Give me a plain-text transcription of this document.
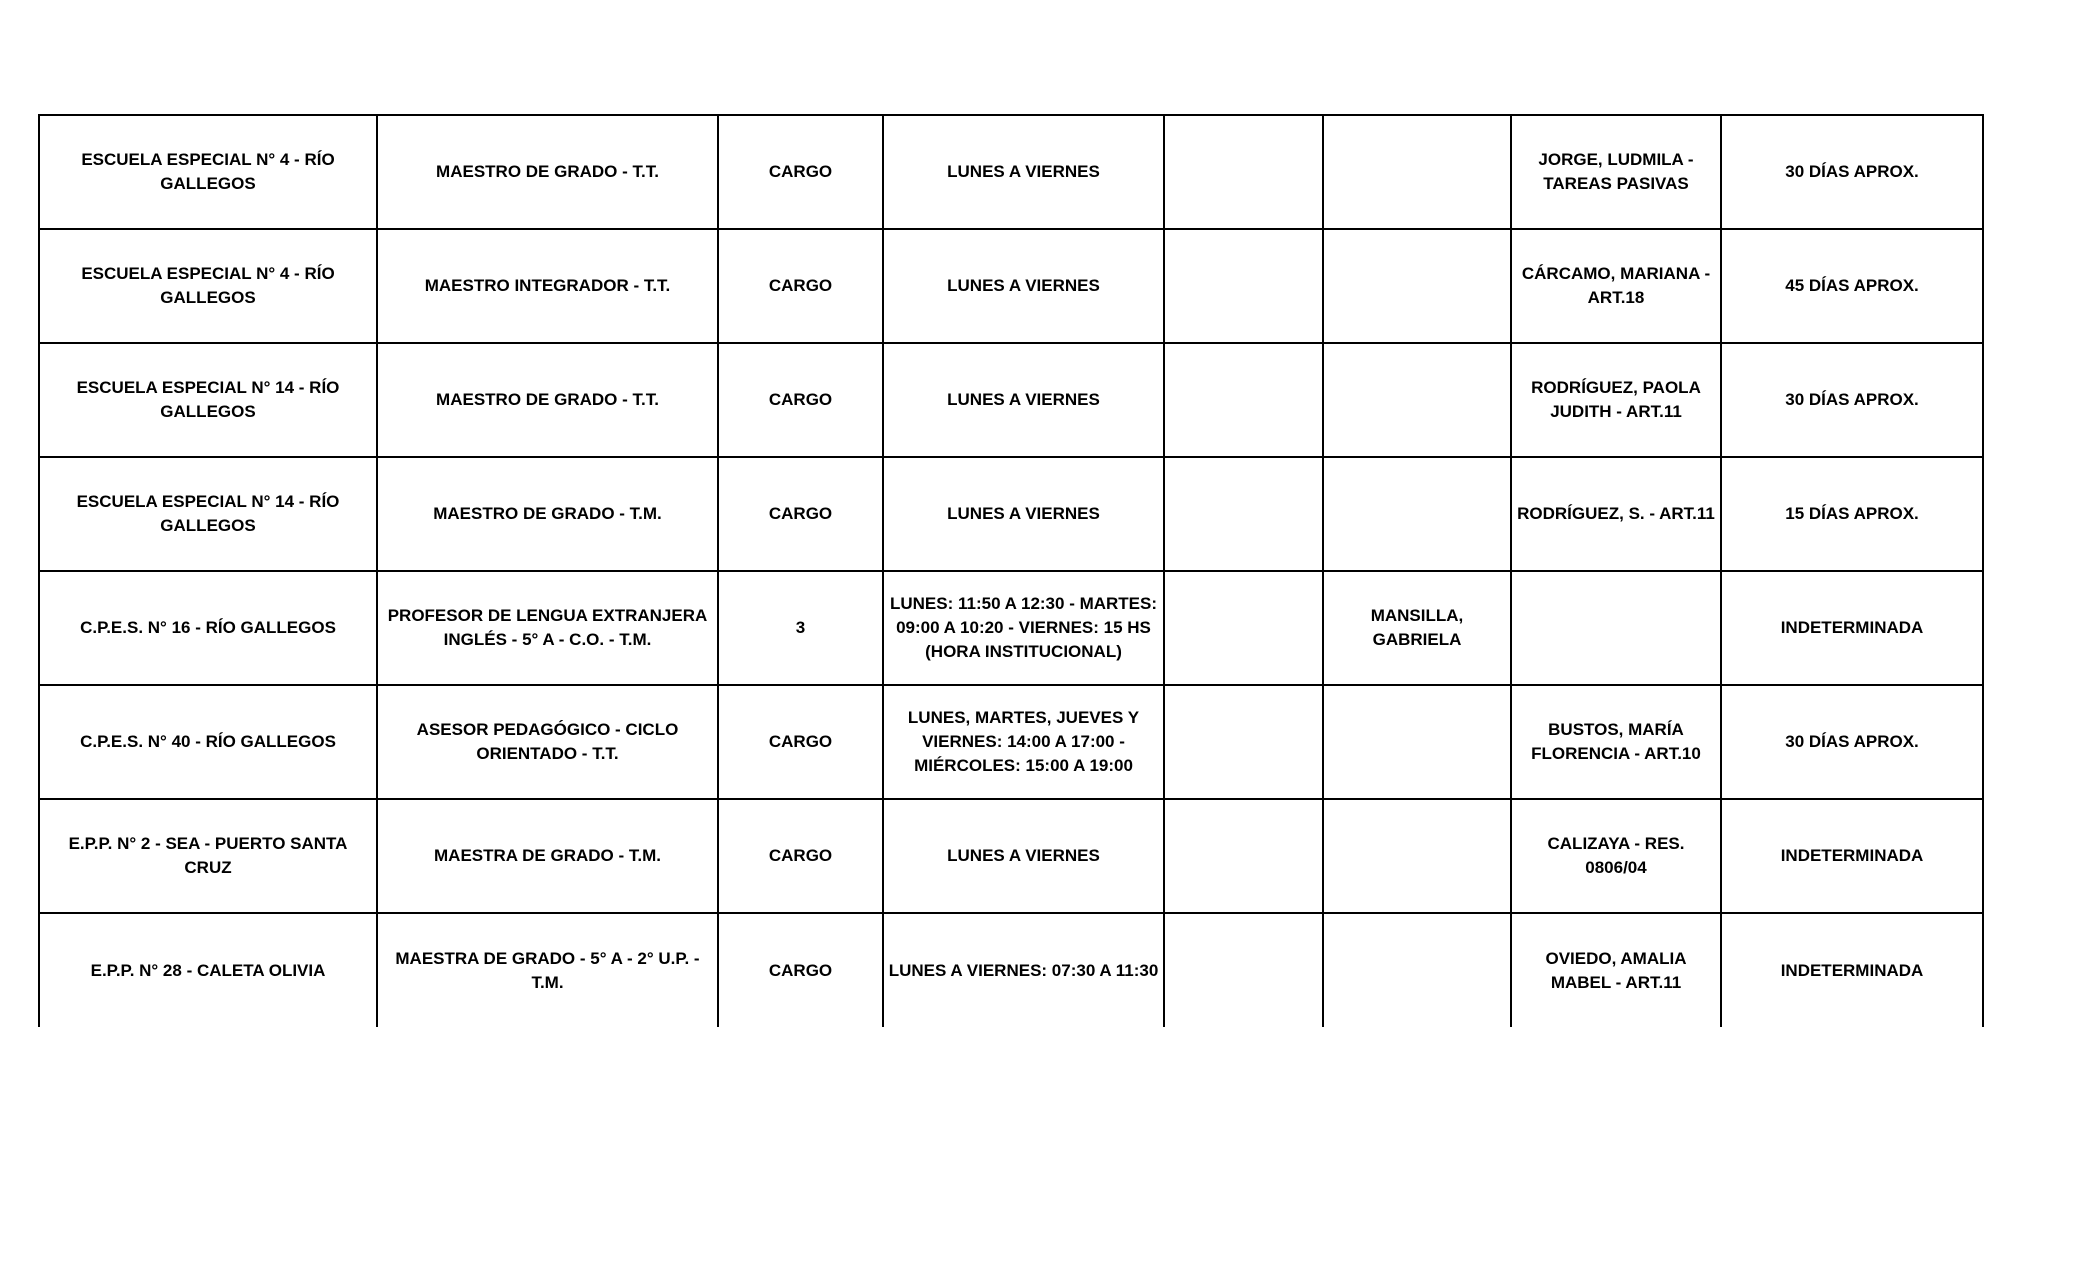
ESCUELA ESPECIAL N° 4 - RÍO GALLEGOS	MAESTRO DE GRADO - T.T.	CARGO	LUNES A VIERNES			JORGE, LUDMILA - TAREAS PASIVAS	30 DÍAS APROX.
ESCUELA ESPECIAL N° 4 - RÍO GALLEGOS	MAESTRO INTEGRADOR - T.T.	CARGO	LUNES A VIERNES			CÁRCAMO, MARIANA - ART.18	45 DÍAS APROX.
ESCUELA ESPECIAL N° 14 - RÍO GALLEGOS	MAESTRO DE GRADO - T.T.	CARGO	LUNES A VIERNES			RODRÍGUEZ, PAOLA JUDITH - ART.11	30 DÍAS APROX.
ESCUELA ESPECIAL N° 14 - RÍO GALLEGOS	MAESTRO DE GRADO - T.M.	CARGO	LUNES A VIERNES			RODRÍGUEZ, S. - ART.11	15 DÍAS APROX.
C.P.E.S. N° 16 - RÍO GALLEGOS	PROFESOR DE LENGUA EXTRANJERA INGLÉS - 5° A - C.O. - T.M.	3	LUNES: 11:50 A 12:30 - MARTES: 09:00 A 10:20 - VIERNES: 15 HS (HORA INSTITUCIONAL)		MANSILLA, GABRIELA		INDETERMINADA
C.P.E.S. N° 40 - RÍO GALLEGOS	ASESOR PEDAGÓGICO - CICLO ORIENTADO - T.T.	CARGO	LUNES, MARTES, JUEVES Y VIERNES: 14:00 A 17:00 - MIÉRCOLES: 15:00 A 19:00			BUSTOS, MARÍA FLORENCIA - ART.10	30 DÍAS APROX.
E.P.P. N° 2 - SEA - PUERTO SANTA CRUZ	MAESTRA DE GRADO - T.M.	CARGO	LUNES A VIERNES			CALIZAYA - RES. 0806/04	INDETERMINADA
E.P.P. N° 28 - CALETA OLIVIA	MAESTRA DE GRADO - 5° A - 2° U.P. - T.M.	CARGO	LUNES A VIERNES: 07:30 A 11:30			OVIEDO, AMALIA MABEL - ART.11	INDETERMINADA
